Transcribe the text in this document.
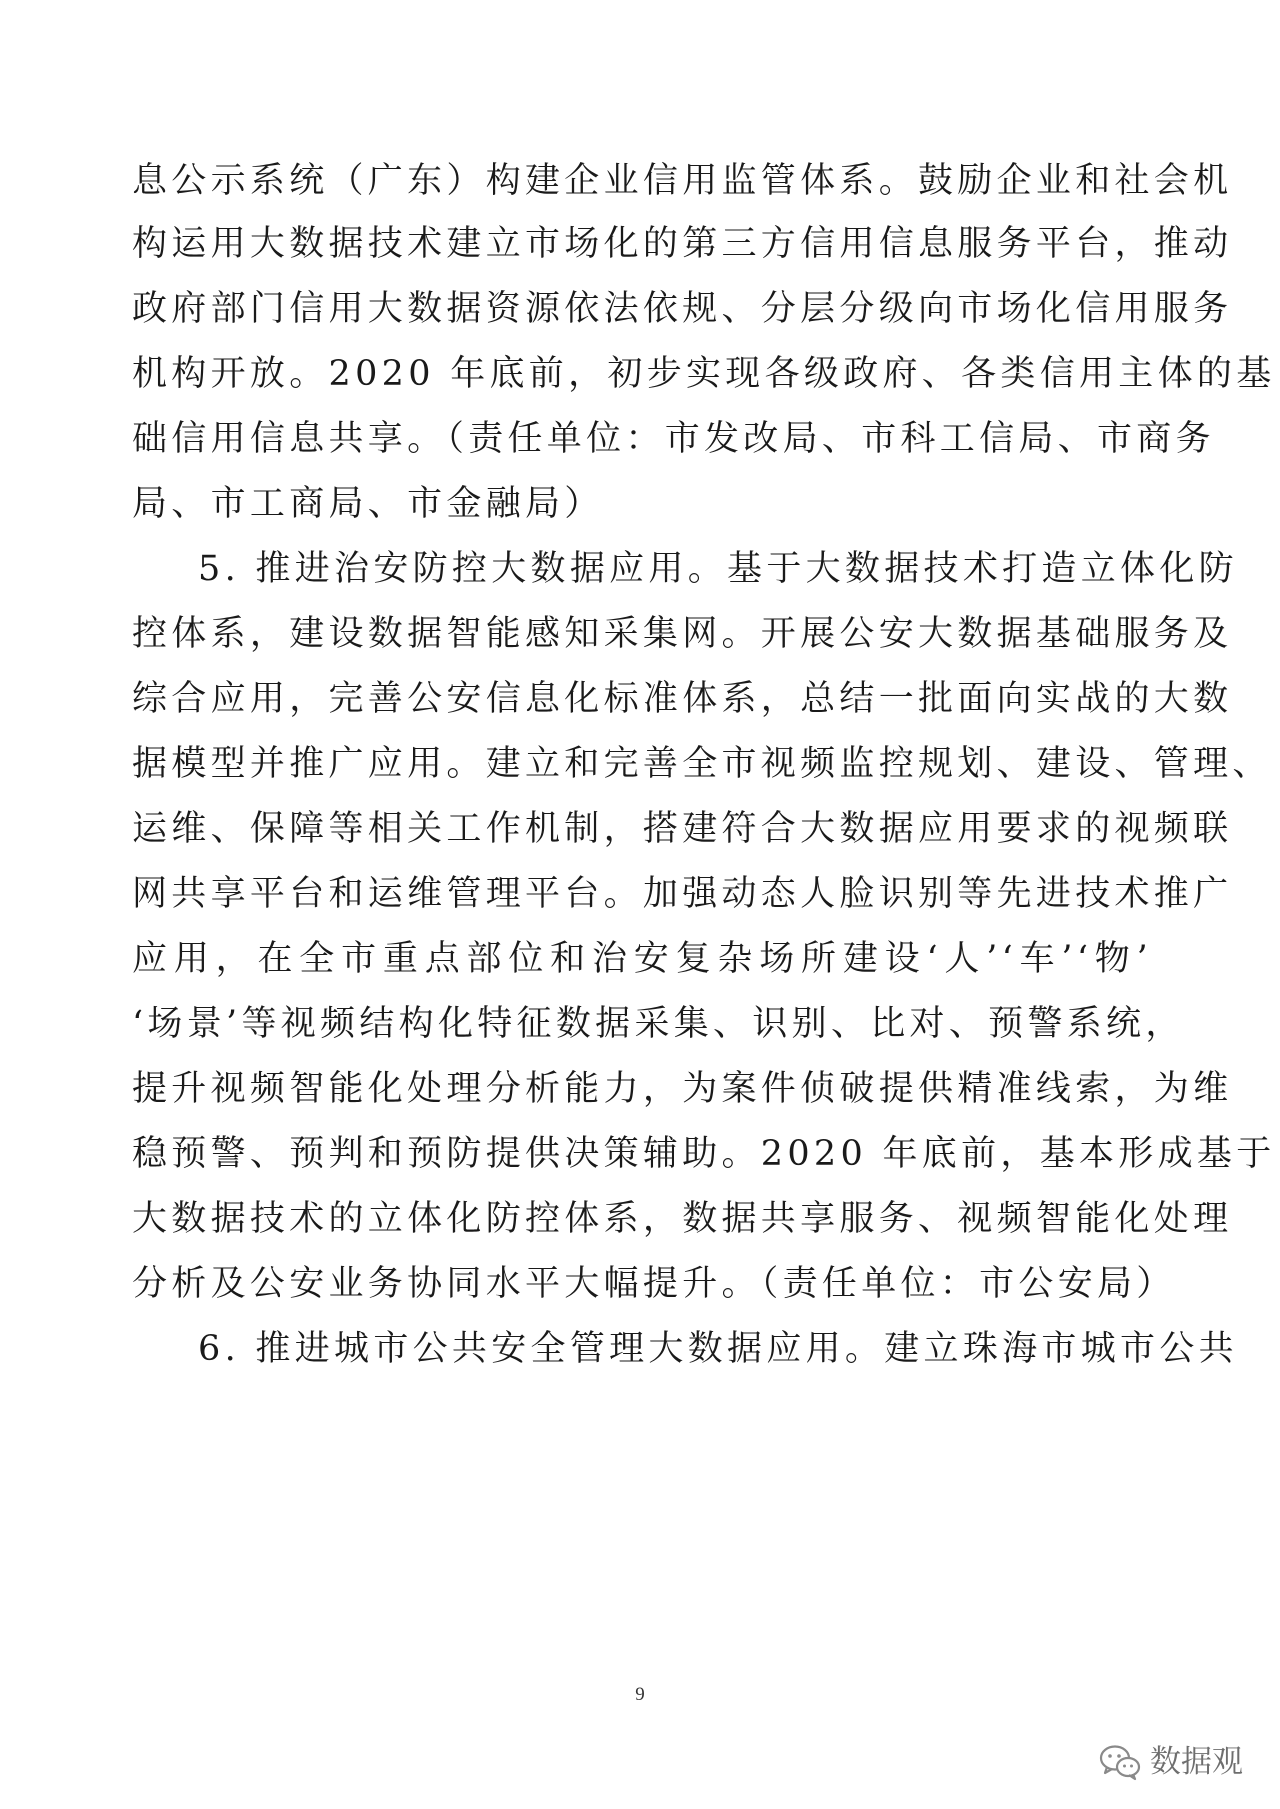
息公示系统（广东）构建企业信用监管体系。鼓励企业和社会机
构运用大数据技术建立市场化的第三方信用信息服务平台，推动
政府部门信用大数据资源依法依规、分层分级向市场化信用服务
机构开放。2020 年底前，初步实现各级政府、各类信用主体的基
础信用信息共享。（责任单位：市发改局、市科工信局、市商务
局、市工商局、市金融局）
5. 推进治安防控大数据应用。基于大数据技术打造立体化防
控体系，建设数据智能感知采集网。开展公安大数据基础服务及
综合应用，完善公安信息化标准体系，总结一批面向实战的大数
据模型并推广应用。建立和完善全市视频监控规划、建设、管理、
运维、保障等相关工作机制，搭建符合大数据应用要求的视频联
网共享平台和运维管理平台。加强动态人脸识别等先进技术推广
应用，在全市重点部位和治安复杂场所建设‘人’‘车’‘物’
‘场景’等视频结构化特征数据采集、识别、比对、预警系统，
提升视频智能化处理分析能力，为案件侦破提供精准线索，为维
稳预警、预判和预防提供决策辅助。2020 年底前，基本形成基于
大数据技术的立体化防控体系，数据共享服务、视频智能化处理
分析及公安业务协同水平大幅提升。（责任单位：市公安局）
6. 推进城市公共安全管理大数据应用。建立珠海市城市公共
9
数据观
